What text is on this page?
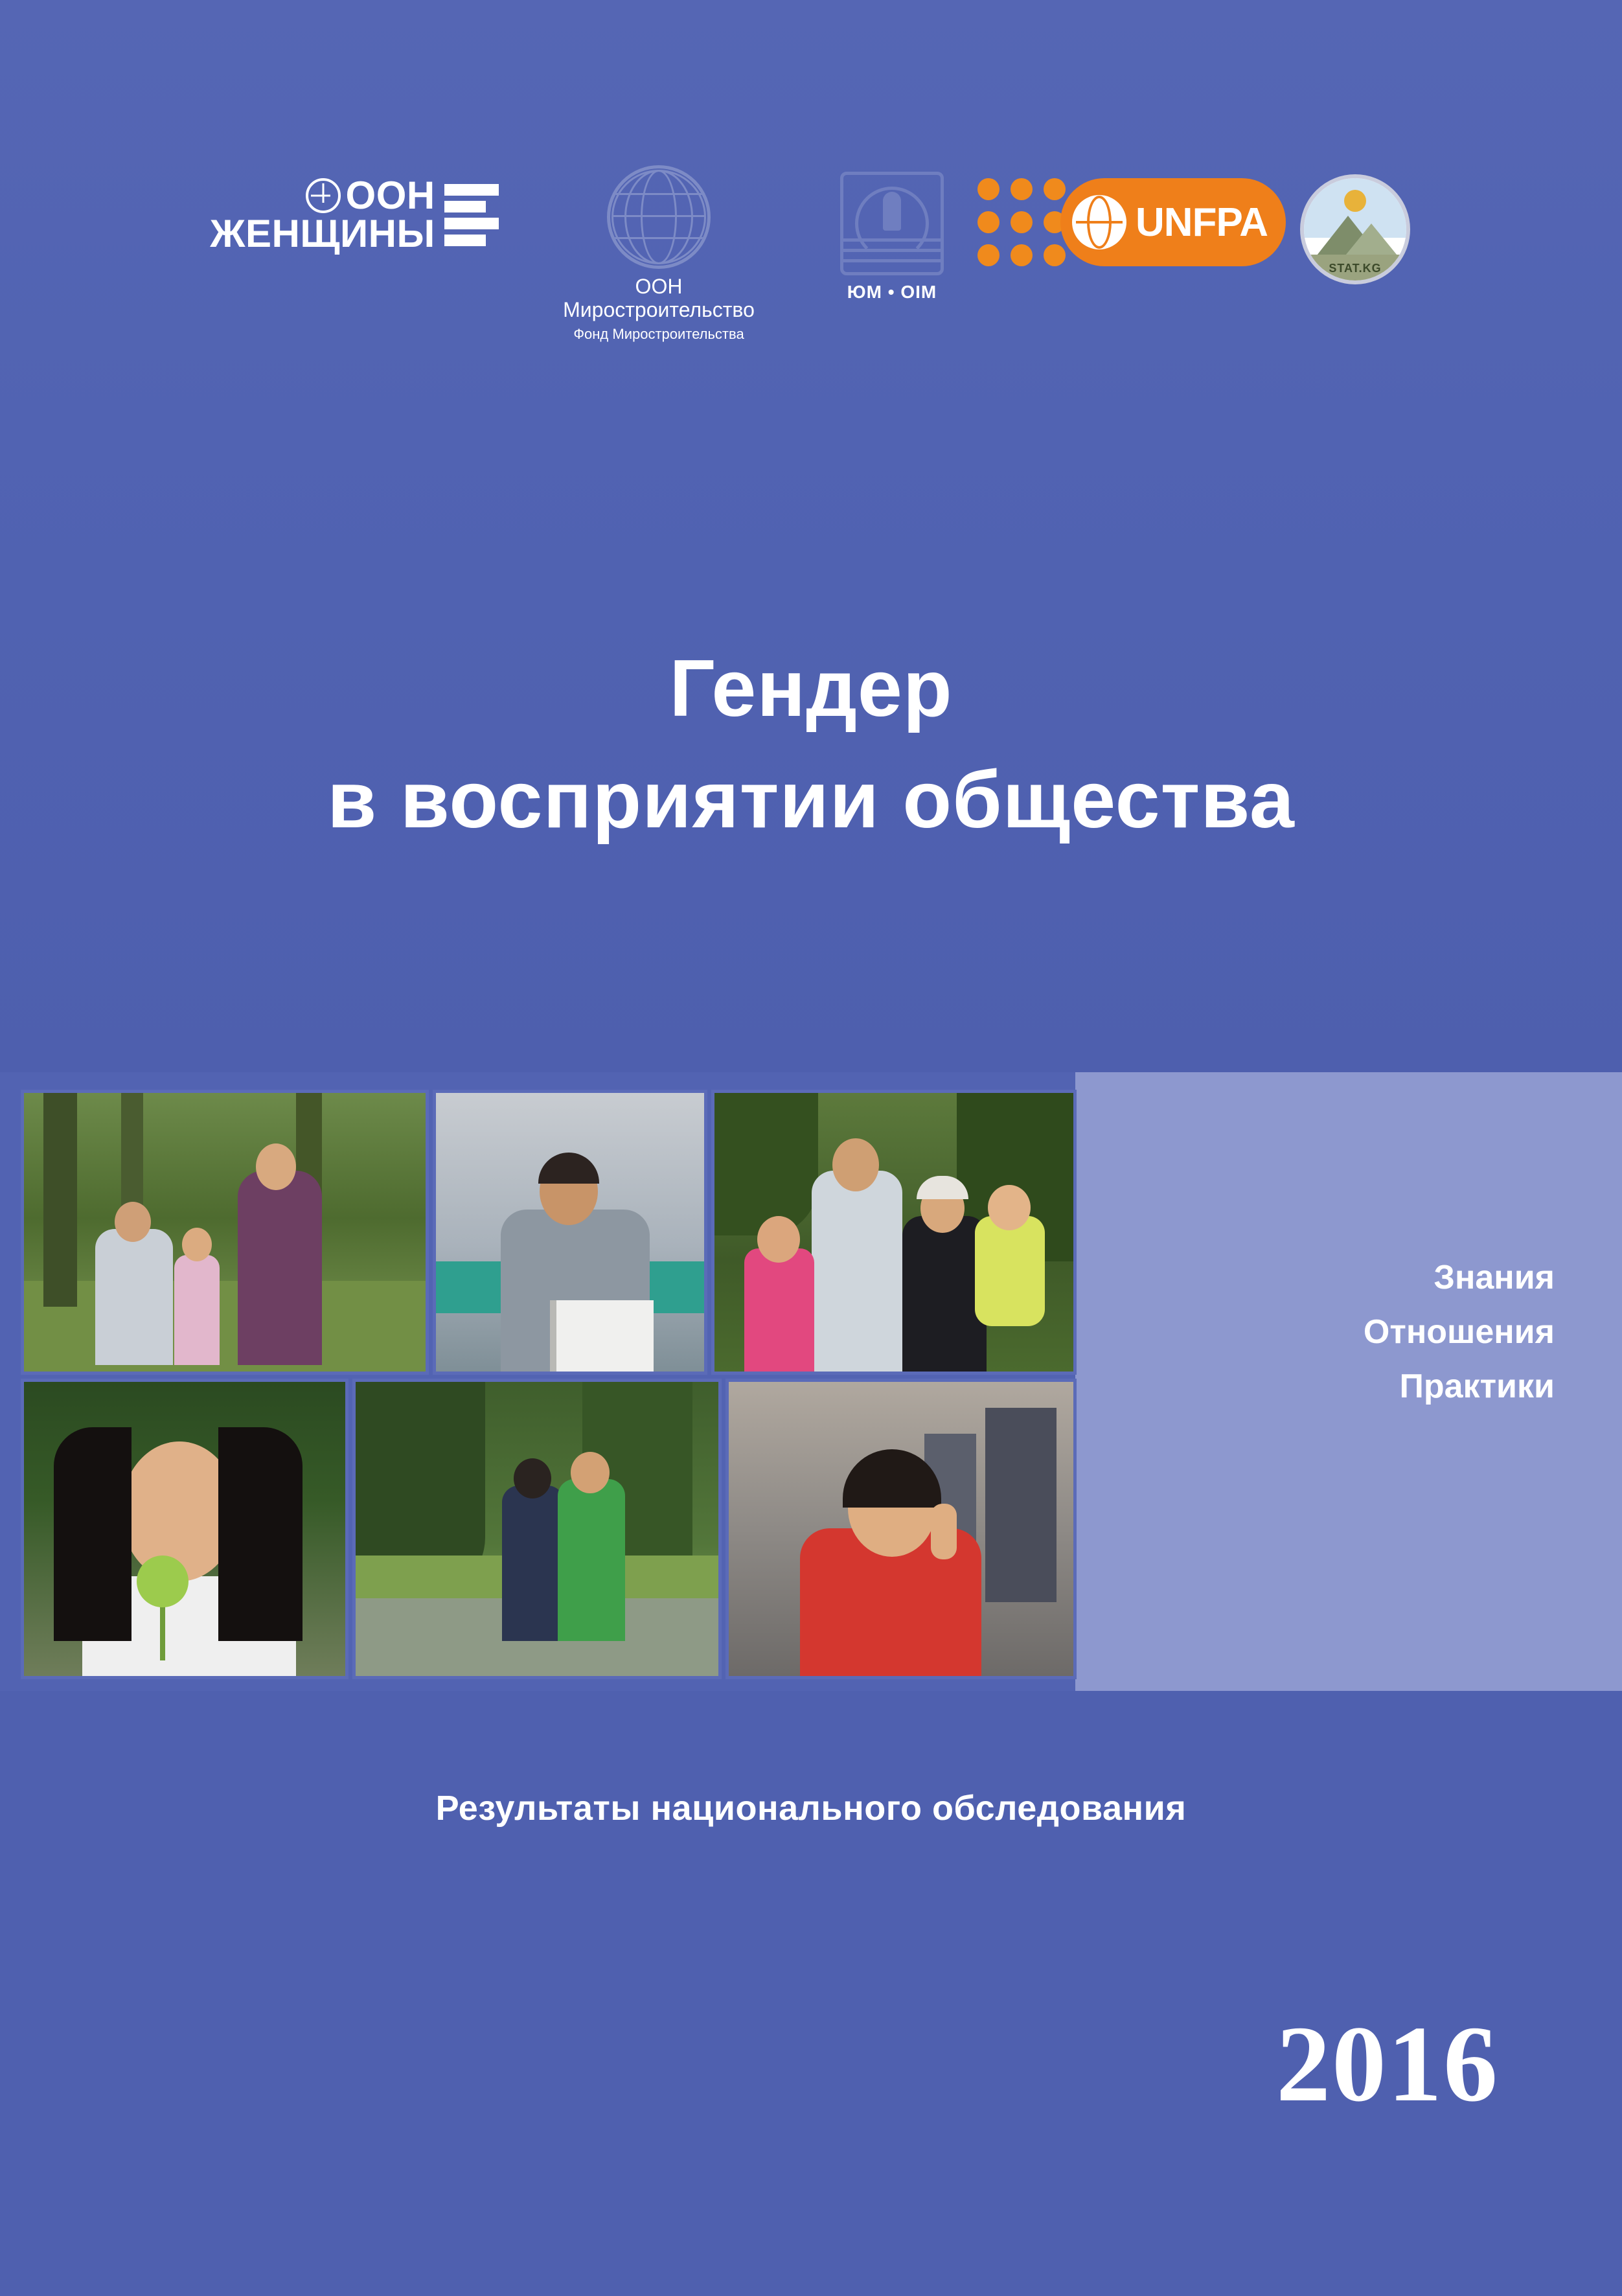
ООН
ЖЕНЩИНЫ
ООН
Миростроительство
Фонд Миростроительства
ЮМ • OIM
UNFPA
STAT.KG
Гендер
в восприятии общества
Знания
Отношения
Практики
Результаты национального обследования
2016
